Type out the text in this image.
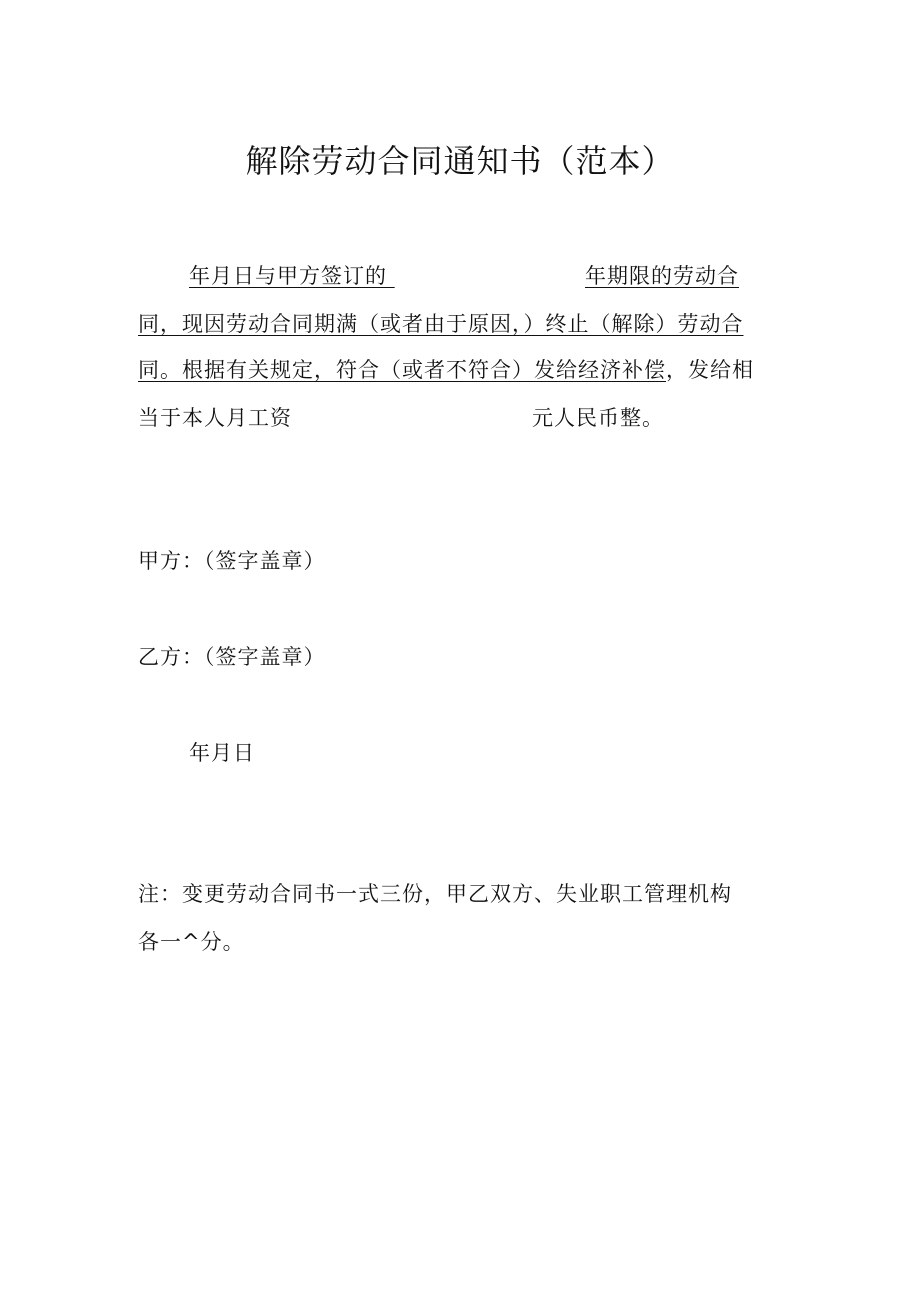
解除劳动合同通知书（范本）
年月日与甲方签订的	年期限的劳动合
同，现因劳动合同期满（或者由于原因，）终止（解除）劳动合
同。根据有关规定，符合（或者不符合）发给经济补偿，发给相
当于本人月工资	元人民币整。
甲方：（签字盖章）
乙方：（签字盖章）
年月日
注：变更劳动合同书一式三份，甲乙双方、失业职工管理机构
各一^分。
